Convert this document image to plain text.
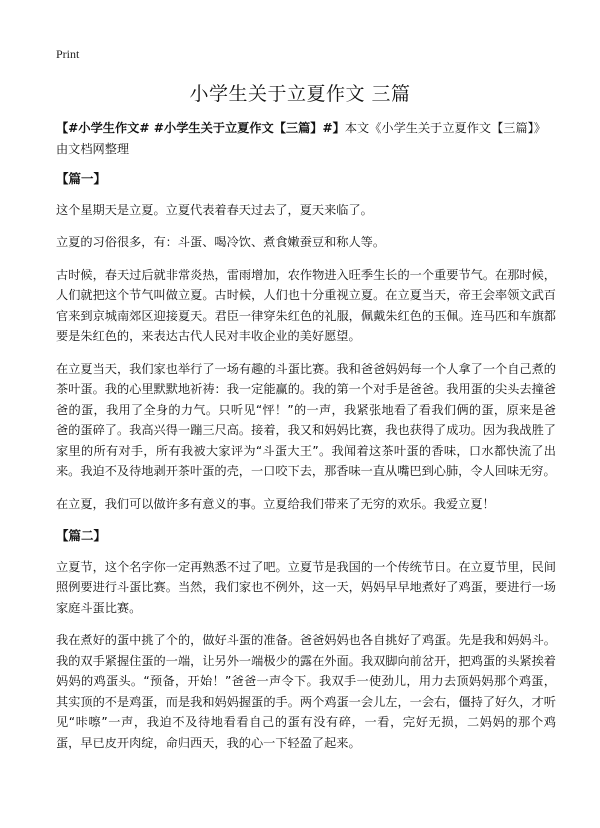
Print
小学生关于立夏作文 三篇

【#小学生作文# #小学生关于立夏作文【三篇】#】本文《小学生关于立夏作文【三篇】》由文档网整理

【篇一】

这个星期天是立夏。立夏代表着春天过去了，夏天来临了。

立夏的习俗很多，有：斗蛋、喝冷饮、煮食嫩蚕豆和称人等。

古时候，春天过后就非常炎热，雷雨增加，农作物进入旺季生长的一个重要节气。在那时候，人们就把这个节气叫做立夏。古时候，人们也十分重视立夏。在立夏当天，帝王会率领文武百官来到京城南郊区迎接夏天。君臣一律穿朱红色的礼服，佩戴朱红色的玉佩。连马匹和车旗都要是朱红色的，来表达古代人民对丰收企业的美好愿望。

在立夏当天，我们家也举行了一场有趣的斗蛋比赛。我和爸爸妈妈每一个人拿了一个自己煮的茶叶蛋。我的心里默默地祈祷：我一定能赢的。我的第一个对手是爸爸。我用蛋的尖头去撞爸爸的蛋，我用了全身的力气。只听见“怦！”的一声，我紧张地看了看我们俩的蛋，原来是爸爸的蛋碎了。我高兴得一蹦三尺高。接着，我又和妈妈比赛，我也获得了成功。因为我战胜了家里的所有对手，所有我被大家评为“斗蛋大王”。我闻着这茶叶蛋的香味，口水都快流了出来。我迫不及待地剥开茶叶蛋的壳，一口咬下去，那香味一直从嘴巴到心肺，令人回味无穷。

在立夏，我们可以做许多有意义的事。立夏给我们带来了无穷的欢乐。我爱立夏！

【篇二】

立夏节，这个名字你一定再熟悉不过了吧。立夏节是我国的一个传统节日。在立夏节里，民间照例要进行斗蛋比赛。当然，我们家也不例外，这一天，妈妈早早地煮好了鸡蛋，要进行一场家庭斗蛋比赛。

我在煮好的蛋中挑了个的，做好斗蛋的准备。爸爸妈妈也各自挑好了鸡蛋。先是我和妈妈斗。我的双手紧握住蛋的一端，让另外一端极少的露在外面。我双脚向前岔开，把鸡蛋的头紧挨着妈妈的鸡蛋头。“预备，开始！”爸爸一声令下。我双手一使劲儿，用力去顶妈妈那个鸡蛋，其实顶的不是鸡蛋，而是我和妈妈握蛋的手。两个鸡蛋一会儿左，一会右，僵持了好久，才听见“咔嚓”一声，我迫不及待地看看自己的蛋有没有碎，一看，完好无损，二妈妈的那个鸡蛋，早已皮开肉绽，命归西天，我的心一下轻盈了起来。
